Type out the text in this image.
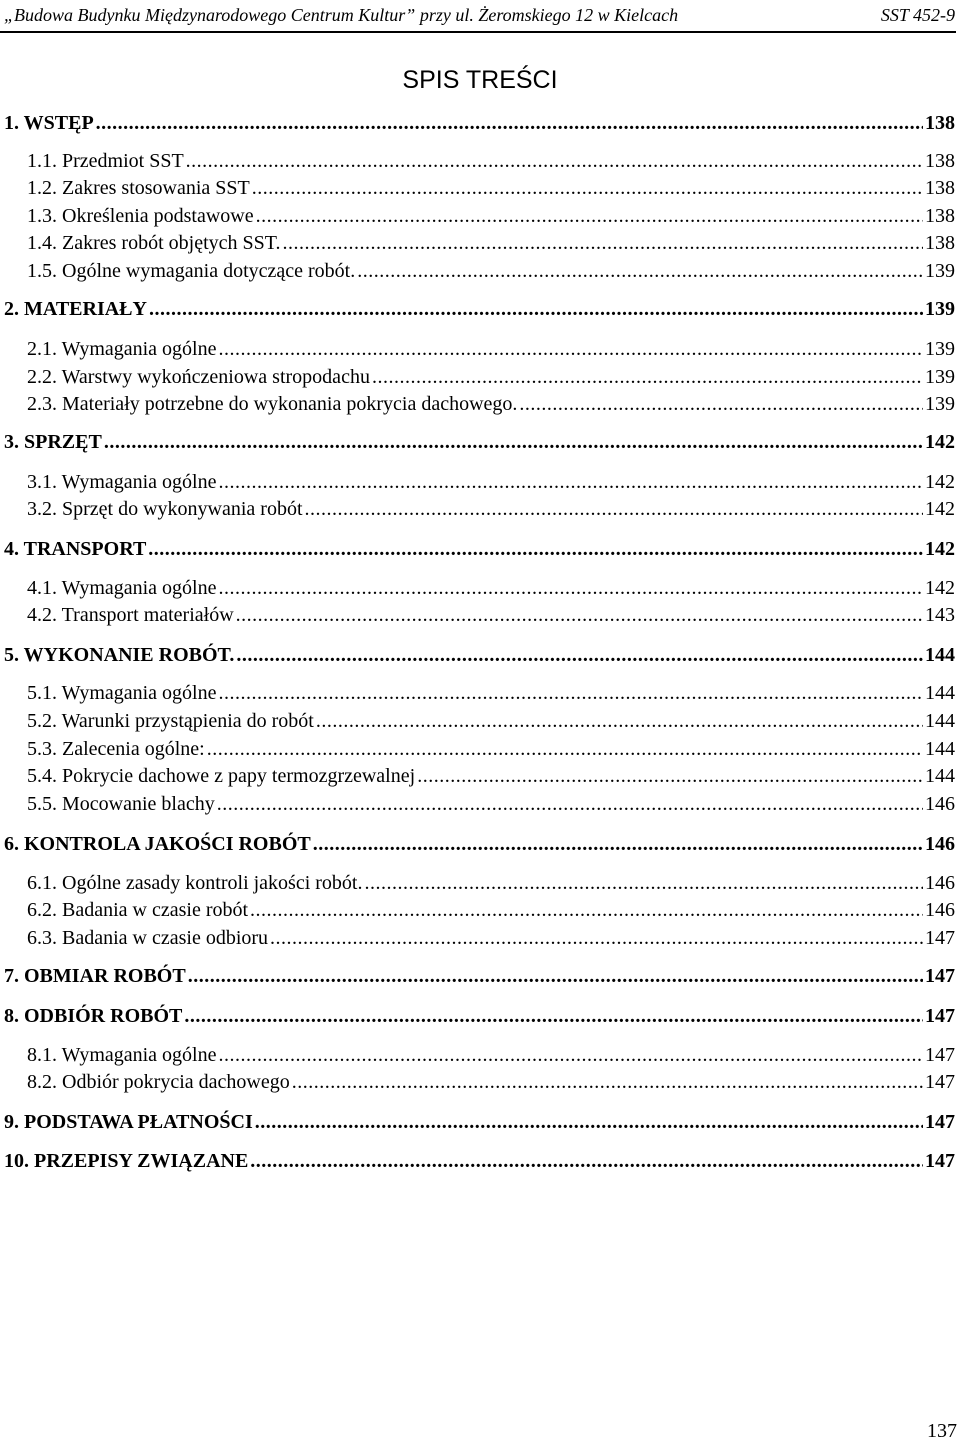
„Budowa Budynku Międzynarodowego Centrum Kultur” przy ul. Żeromskiego 12 w Kielcach	SST 452-9
SPIS TREŚCI
1. WSTĘP .....	138
1.1. Przedmiot SST .....	138
1.2. Zakres stosowania SST .....	138
1.3. Określenia podstawowe .....	138
1.4. Zakres robót objętych SST. .....	138
1.5. Ogólne wymagania dotyczące robót. .....	139
2. MATERIAŁY .....	139
2.1. Wymagania ogólne .....	139
2.2. Warstwy wykończeniowa stropodachu .....	139
2.3. Materiały potrzebne do wykonania pokrycia dachowego. .....	139
3. SPRZĘT .....	142
3.1. Wymagania ogólne .....	142
3.2. Sprzęt do wykonywania robót .....	142
4. TRANSPORT .....	142
4.1. Wymagania ogólne .....	142
4.2. Transport materiałów .....	143
5. WYKONANIE ROBÓT. .....	144
5.1. Wymagania ogólne .....	144
5.2. Warunki przystąpienia do robót .....	144
5.3. Zalecenia ogólne: .....	144
5.4. Pokrycie dachowe z papy termozgrzewalnej .....	144
5.5. Mocowanie blachy .....	146
6. KONTROLA JAKOŚCI ROBÓT .....	146
6.1. Ogólne zasady kontroli jakości robót. .....	146
6.2. Badania w czasie robót .....	146
6.3. Badania w czasie odbioru .....	147
7. OBMIAR ROBÓT .....	147
8. ODBIÓR ROBÓT .....	147
8.1. Wymagania ogólne .....	147
8.2. Odbiór pokrycia dachowego .....	147
9. PODSTAWA PŁATNOŚCI .....	147
10. PRZEPISY ZWIĄZANE .....	147
137
